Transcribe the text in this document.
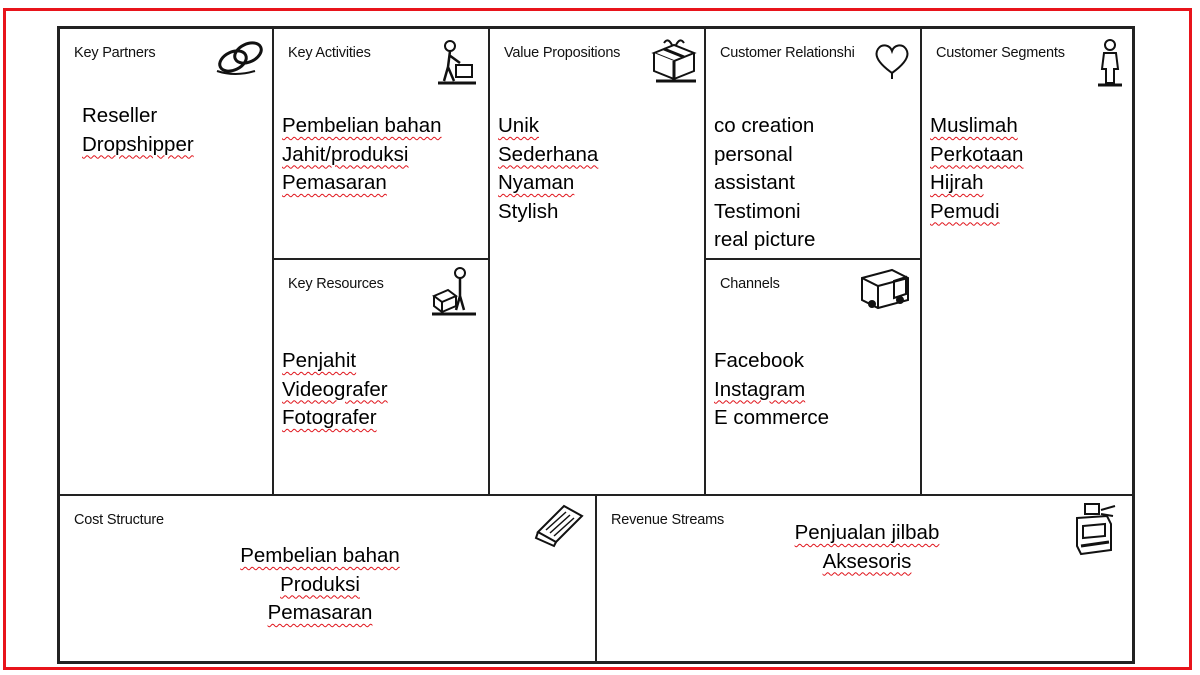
Key Partners
Reseller
Dropshipper
Key Activities
Pembelian bahan
Jahit/produksi
Pemasaran
Key Resources
Penjahit
Videografer
Fotografer
Value Propositions
Unik
Sederhana
Nyaman
Stylish
Customer Relationshi
co creation
personal
assistant
Testimoni
real picture
Channels
Facebook
Instagram
E commerce
Customer Segments
Muslimah
Perkotaan
Hijrah
Pemudi
Cost Structure
Pembelian bahan
Produksi
Pemasaran
Revenue Streams
Penjualan jilbab
Aksesoris
